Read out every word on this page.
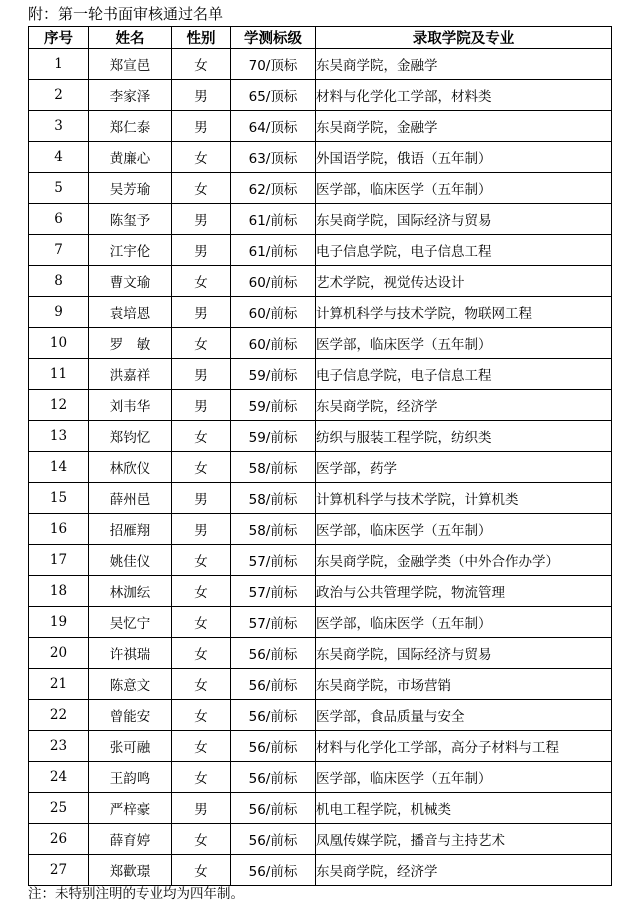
附：第一轮书面审核通过名单
序号	姓名	性别	学测标级	录取学院及专业
1	郑宣邑	女	70/顶标	东吴商学院，金融学
2	李家泽	男	65/顶标	材料与化学化工学部，材料类
3	郑仁泰	男	64/顶标	东吴商学院，金融学
4	黄廉心	女	63/顶标	外国语学院，俄语（五年制）
5	吴芳瑜	女	62/顶标	医学部，临床医学（五年制）
6	陈玺予	男	61/前标	东吴商学院，国际经济与贸易
7	江宇伦	男	61/前标	电子信息学院，电子信息工程
8	曹文瑜	女	60/前标	艺术学院，视觉传达设计
9	袁培恩	男	60/前标	计算机科学与技术学院，物联网工程
10	罗　敏	女	60/前标	医学部，临床医学（五年制）
11	洪嘉祥	男	59/前标	电子信息学院，电子信息工程
12	刘韦华	男	59/前标	东吴商学院，经济学
13	郑钧忆	女	59/前标	纺织与服装工程学院，纺织类
14	林欣仪	女	58/前标	医学部，药学
15	薛州邑	男	58/前标	计算机科学与技术学院，计算机类
16	招雁翔	男	58/前标	医学部，临床医学（五年制）
17	姚佳仪	女	57/前标	东吴商学院，金融学类（中外合作办学）
18	林泇纭	女	57/前标	政治与公共管理学院，物流管理
19	吴忆宁	女	57/前标	医学部，临床医学（五年制）
20	许祺瑞	女	56/前标	东吴商学院，国际经济与贸易
21	陈意文	女	56/前标	东吴商学院，市场营销
22	曾能安	女	56/前标	医学部，食品质量与安全
23	张可融	女	56/前标	材料与化学化工学部，高分子材料与工程
24	王韵鸣	女	56/前标	医学部，临床医学（五年制）
25	严梓豪	男	56/前标	机电工程学院，机械类
26	薛育婷	女	56/前标	凤凰传媒学院，播音与主持艺术
27	郑歡璟	女	56/前标	东吴商学院，经济学
注：未特别注明的专业均为四年制。
